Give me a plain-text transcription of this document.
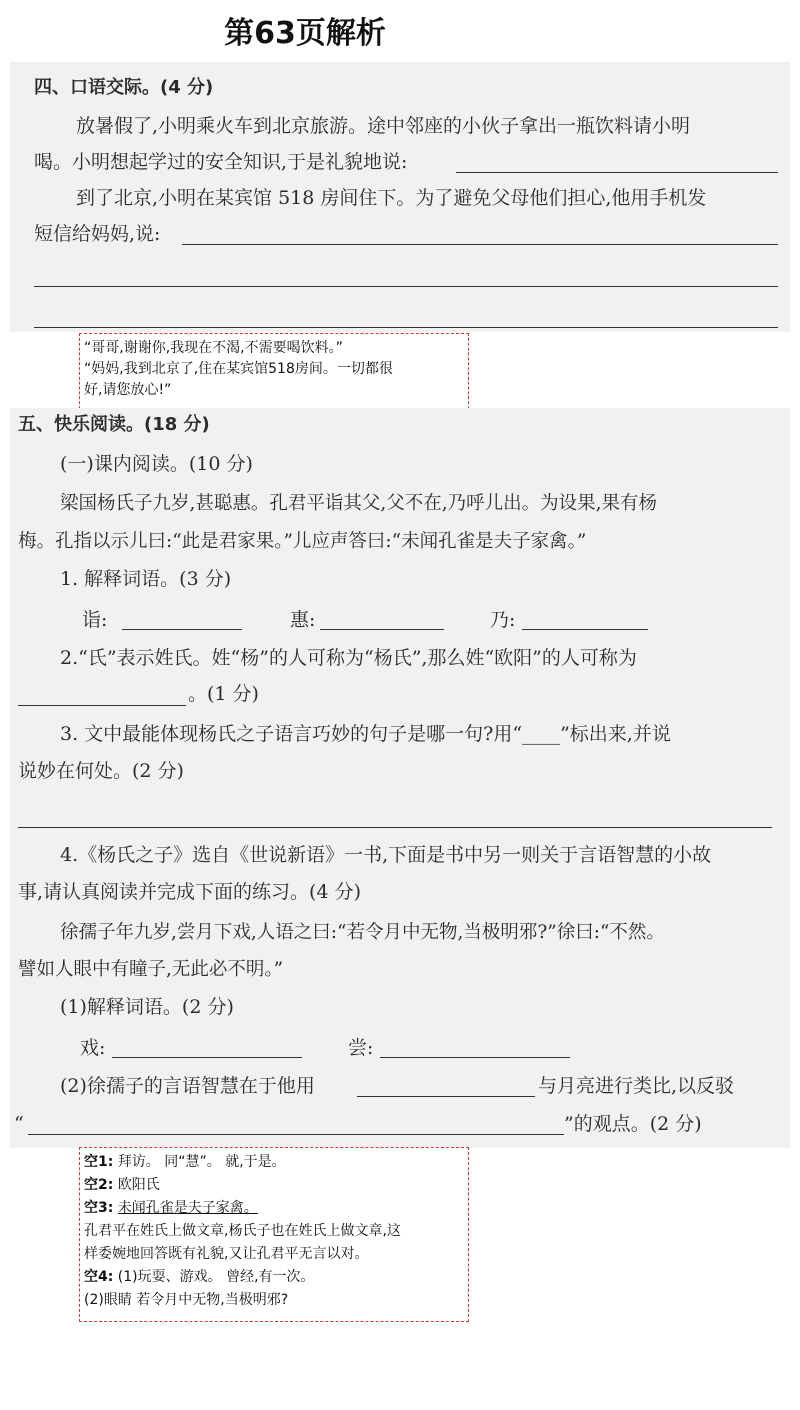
第63页解析
四、口语交际。(4 分)
放暑假了,小明乘火车到北京旅游。途中邻座的小伙子拿出一瓶饮料请小明
喝。小明想起学过的安全知识,于是礼貌地说:
到了北京,小明在某宾馆 518 房间住下。为了避免父母他们担心,他用手机发
短信给妈妈,说:
“哥哥,谢谢你,我现在不渴,不需要喝饮料。”
“妈妈,我到北京了,住在某宾馆518房间。一切都很
好,请您放心!”
五、快乐阅读。(18 分)
(一)课内阅读。(10 分)
梁国杨氏子九岁,甚聪惠。孔君平诣其父,父不在,乃呼儿出。为设果,果有杨
梅。孔指以示儿曰:“此是君家果。”儿应声答曰:“未闻孔雀是夫子家禽。”
1. 解释词语。(3 分)
诣:	惠:	乃:
2.“氏”表示姓氏。姓“杨”的人可称为“杨氏”,那么姓“欧阳”的人可称为
。(1 分)
3. 文中最能体现杨氏之子语言巧妙的句子是哪一句?用“____”标出来,并说
说妙在何处。(2 分)
4.《杨氏之子》选自《世说新语》一书,下面是书中另一则关于言语智慧的小故
事,请认真阅读并完成下面的练习。(4 分)
徐孺子年九岁,尝月下戏,人语之曰:“若令月中无物,当极明邪?”徐曰:“不然。
譬如人眼中有瞳子,无此必不明。”
(1)解释词语。(2 分)
戏:	尝:
(2)徐孺子的言语智慧在于他用	与月亮进行类比,以反驳
“	”的观点。(2 分)
空1: 拜访。 同“慧”。 就,于是。
空2: 欧阳氏
空3: 未闻孔雀是夫子家禽。
孔君平在姓氏上做文章,杨氏子也在姓氏上做文章,这
样委婉地回答既有礼貌,又让孔君平无言以对。
空4: (1)玩耍、游戏。 曾经,有一次。
(2)眼睛 若令月中无物,当极明邪?
